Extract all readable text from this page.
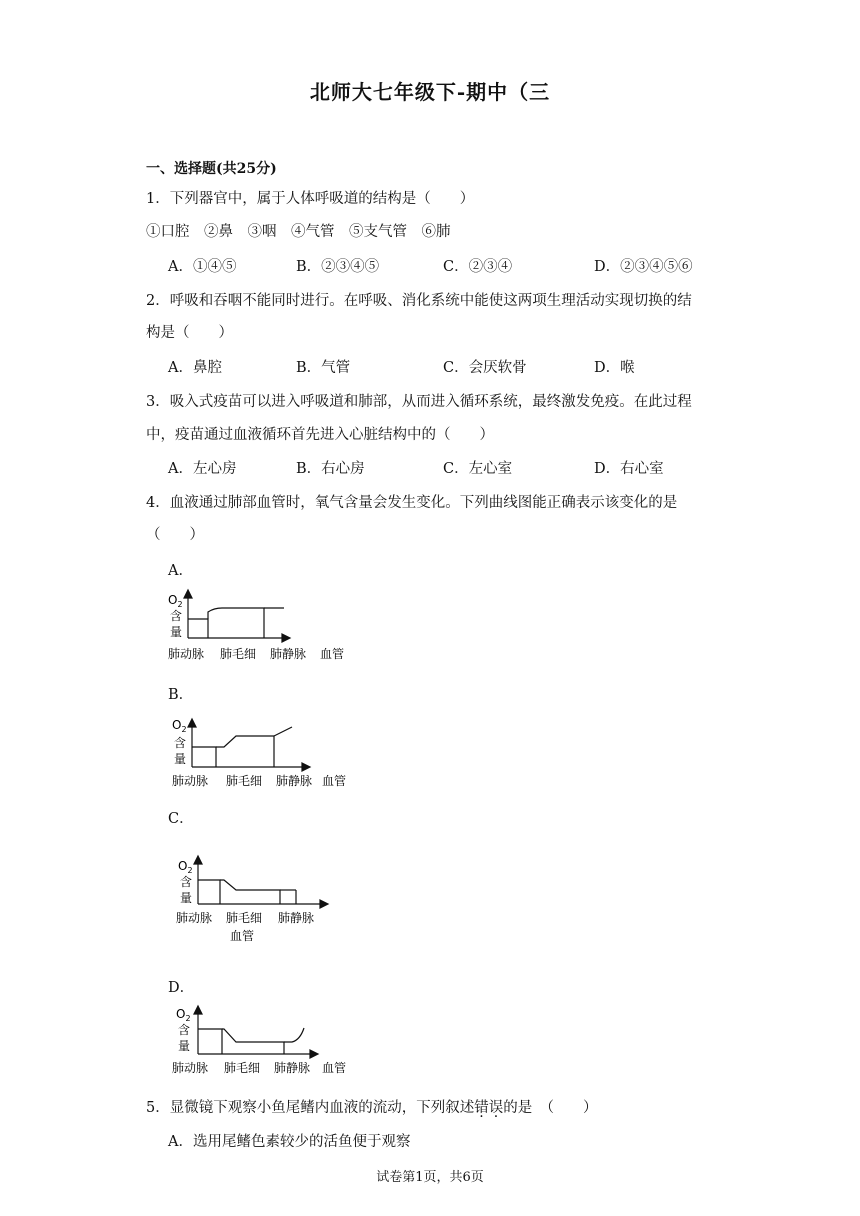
北师大七年级下-期中（三
一、选择题(共25分)
1．下列器官中，属于人体呼吸道的结构是（　　）
①口腔　②鼻　③咽　④气管　⑤支气管　⑥肺
A．①④⑤	B．②③④⑤	C．②③④	D．②③④⑤⑥
2．呼吸和吞咽不能同时进行。在呼吸、消化系统中能使这两项生理活动实现切换的结
构是（　　）
A．鼻腔	B．气管	C．会厌软骨	D．喉
3．吸入式疫苗可以进入呼吸道和肺部，从而进入循环系统，最终激发免疫。在此过程
中，疫苗通过血液循环首先进入心脏结构中的（　　）
A．左心房	B．右心房	C．左心室	D．右心室
4．血液通过肺部血管时，氧气含量会发生变化。下列曲线图能正确表示该变化的是
（　　）
A．
$O_2$
含
量
肺动脉 肺毛细 肺静脉 血管
B．
$O_2$
含
量
肺动脉 肺毛细 肺静脉 血管
C．
$O_2$
含
量
肺动脉 肺毛细 肺静脉
血管
D．
$O_2$
含
量
肺动脉 肺毛细 肺静脉 血管
5．显微镜下观察小鱼尾鳍内血液的流动，下列叙述错误的是　（　　）
A．选用尾鳍色素较少的活鱼便于观察
试卷第1页，共6页
